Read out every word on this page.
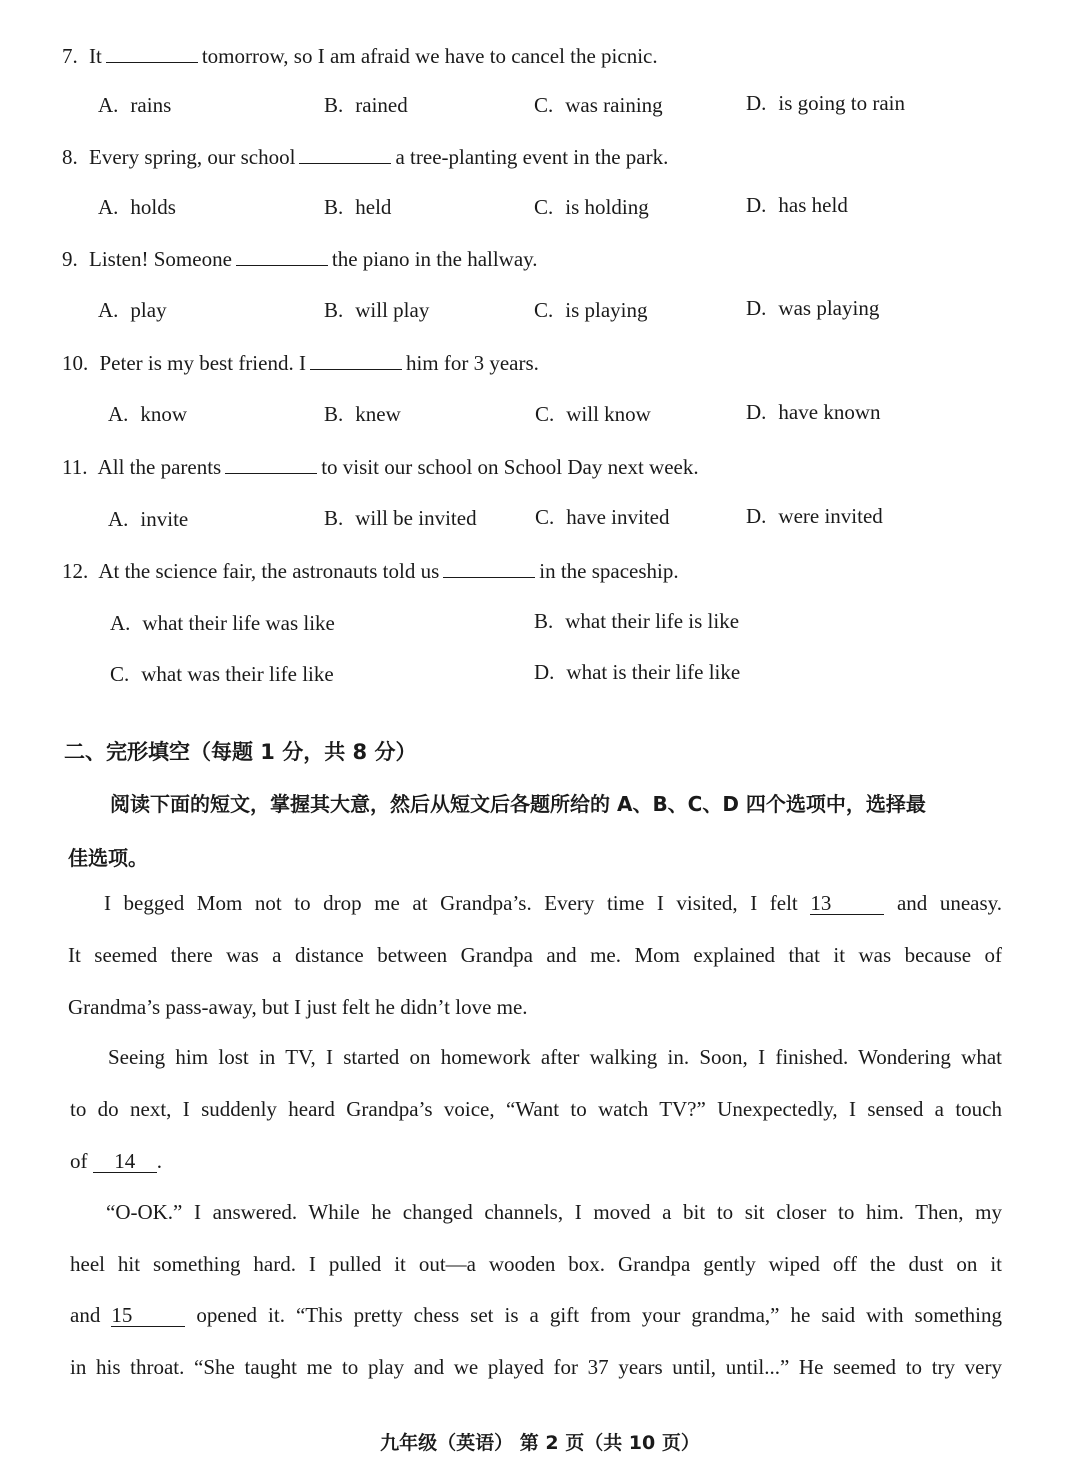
7. It	tomorrow, so I am afraid we have to cancel the picnic.
A. rains	B. rained	C. was raining	D. is going to rain
8. Every spring, our school	a tree-planting event in the park.
A. holds	B. held	C. is holding	D. has held
9. Listen! Someone	the piano in the hallway.
A. play	B. will play	C. is playing	D. was playing
10. Peter is my best friend. I	him for 3 years.
A. know	B. knew	C. will know	D. have known
11. All the parents	to visit our school on School Day next week.
A. invite	B. will be invited	C. have invited	D. were invited
12. At the science fair, the astronauts told us	in the spaceship.
A. what their life was like	B. what their life is like
C. what was their life like	D. what is their life like
二、完形填空（每题 1 分，共 8 分）
阅读下面的短文，掌握其大意，然后从短文后各题所给的 A、B、C、D 四个选项中，选择最
佳选项。
I begged Mom not to drop me at Grandpa’s. Every time I visited, I felt 13	and uneasy.
It seemed there was a distance between Grandpa and me. Mom explained that it was because of
Grandma’s pass-away, but I just felt he didn’t love me.
Seeing him lost in TV, I started on homework after walking in. Soon, I finished. Wondering what
to do next, I suddenly heard Grandpa’s voice, “Want to watch TV?” Unexpectedly, I sensed a touch
of 14 .
“O-OK.” I answered. While he changed channels, I moved a bit to sit closer to him. Then, my
heel hit something hard. I pulled it out—a wooden box. Grandpa gently wiped off the dust on it
and 15	opened it. “This pretty chess set is a gift from your grandma,” he said with something
in his throat. “She taught me to play and we played for 37 years until, until...” He seemed to try very
九年级（英语） 第 2 页（共 10 页）
